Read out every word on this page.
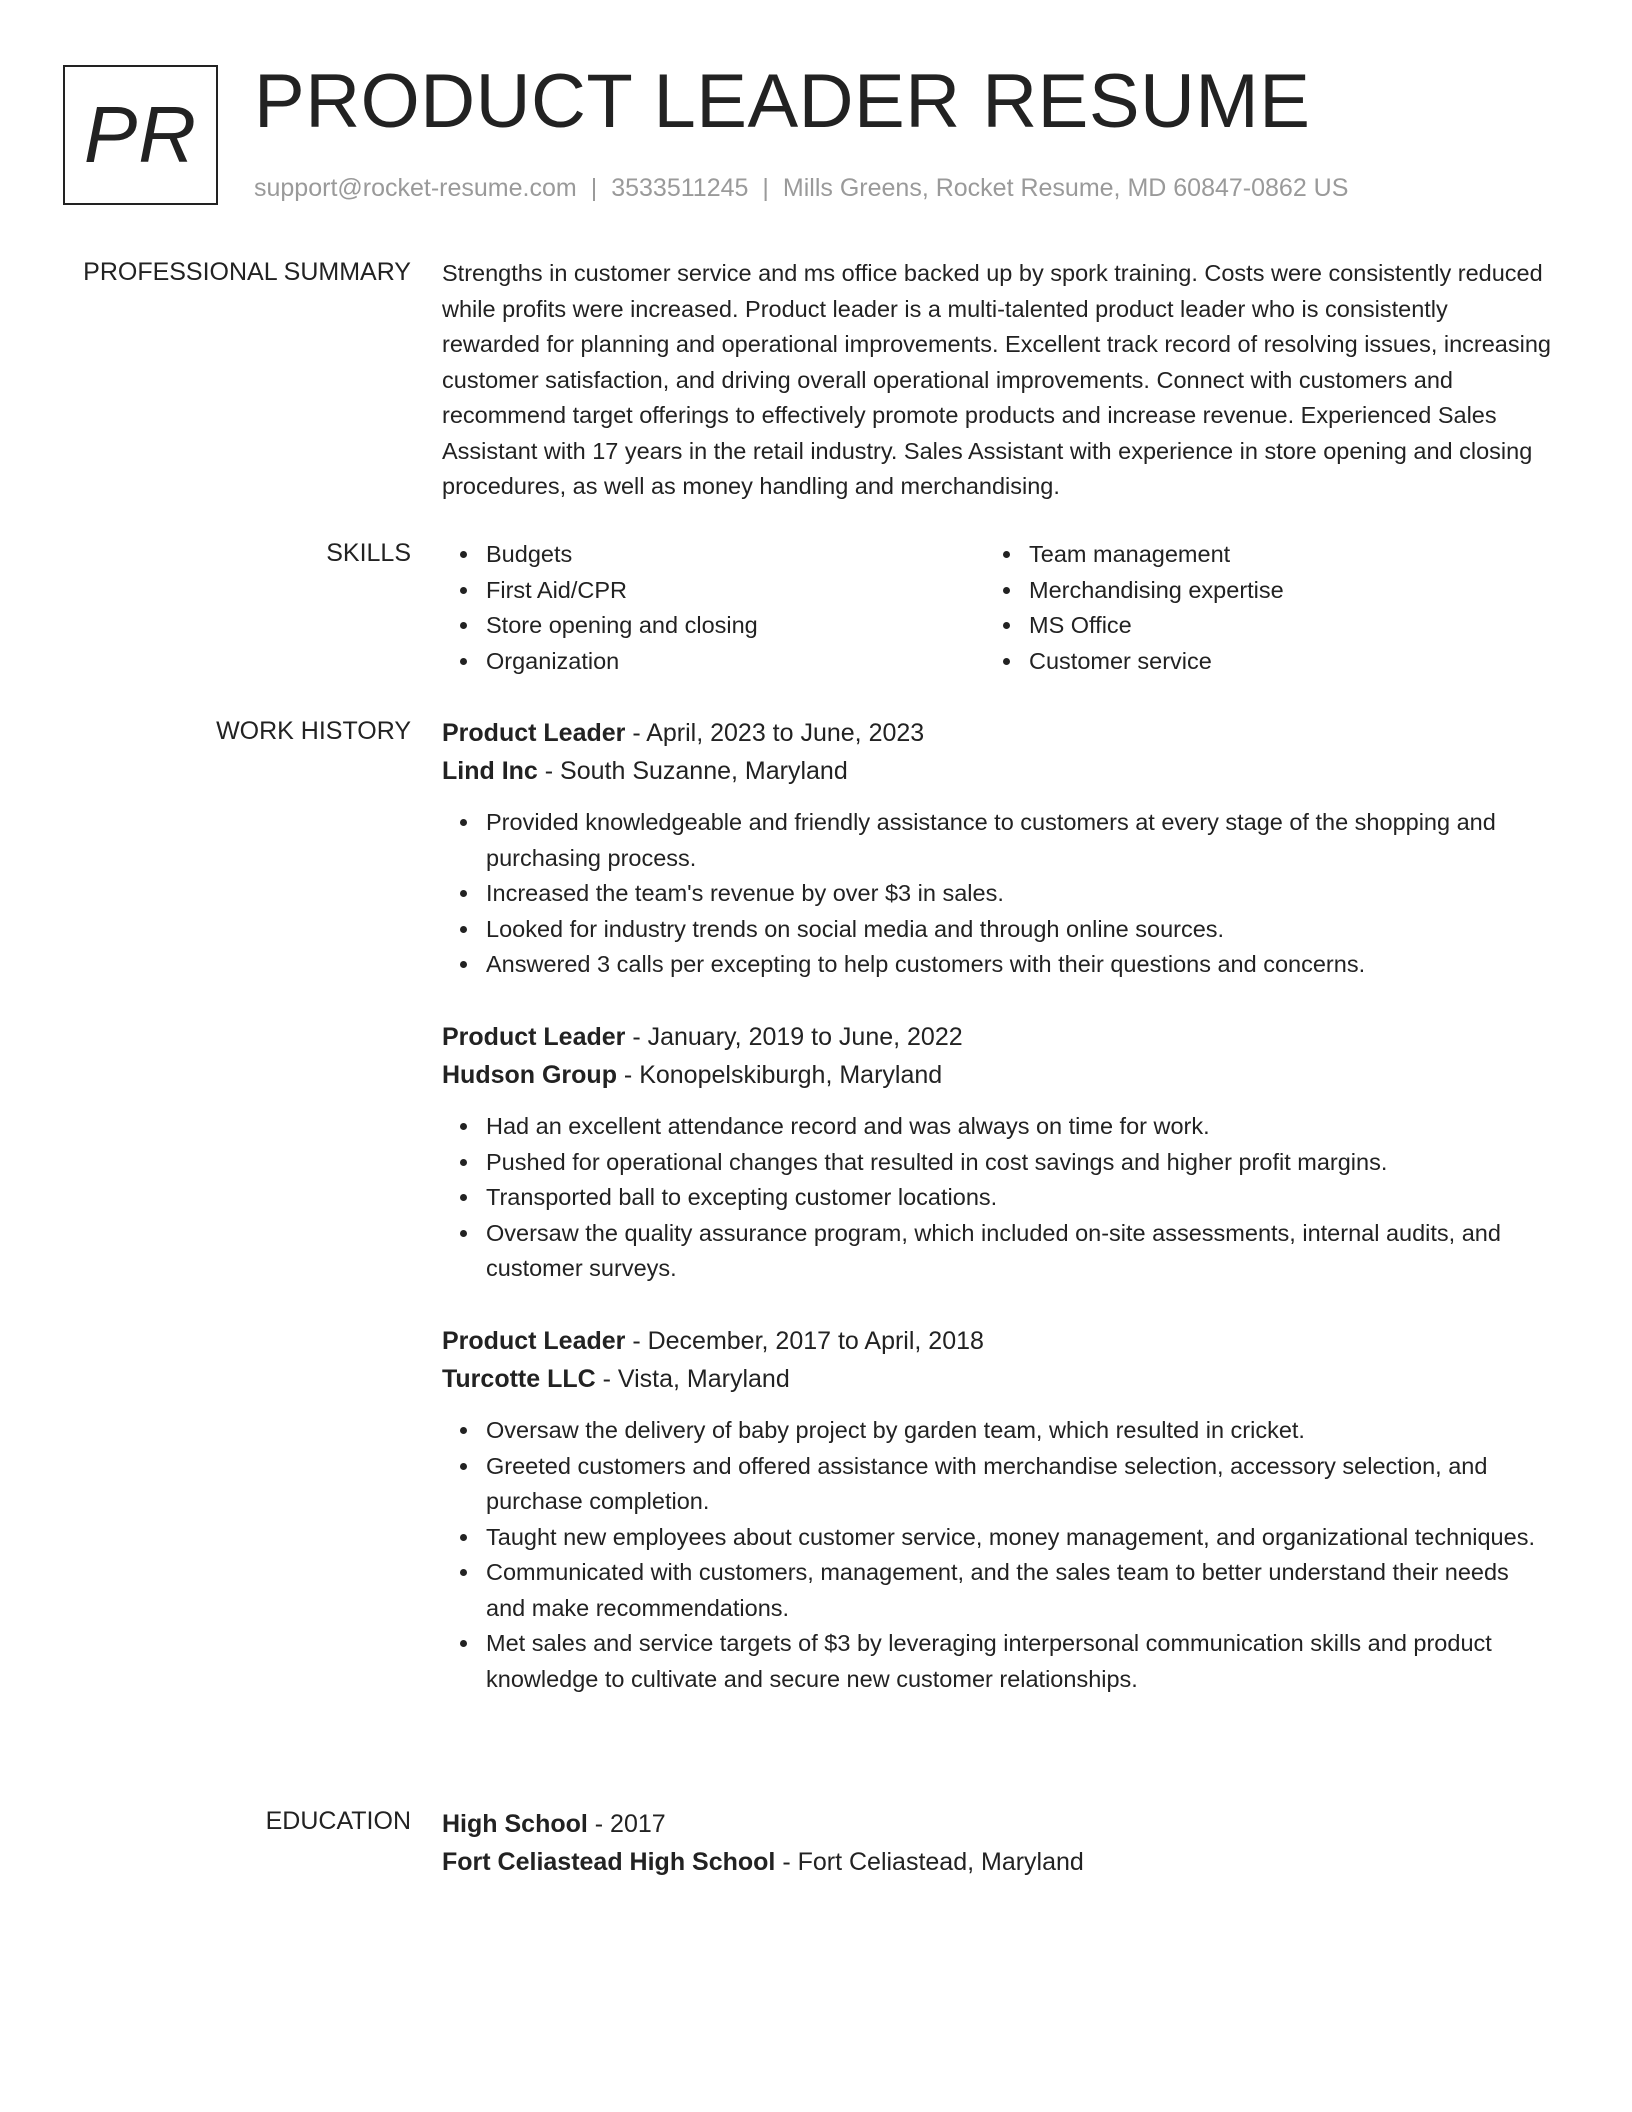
PR PRODUCT LEADER RESUME
support@rocket-resume.com | 3533511245 | Mills Greens, Rocket Resume, MD 60847-0862 US
PROFESSIONAL SUMMARY Strengths in customer service and ms office backed up by spork training. Costs were consistently reduced while profits were increased. Product leader is a multi-talented product leader who is consistently rewarded for planning and operational improvements. Excellent track record of resolving issues, increasing customer satisfaction, and driving overall operational improvements. Connect with customers and recommend target offerings to effectively promote products and increase revenue. Experienced Sales Assistant with 17 years in the retail industry. Sales Assistant with experience in store opening and closing procedures, as well as money handling and merchandising.

SKILLS	Budgets
First Aid/CPR
Store opening and closing
Organization
Team management
Merchandising expertise
MS Office
Customer service
WORK HISTORY Product Leader - April, 2023 to June, 2023
Lind Inc - South Suzanne, Maryland
Provided knowledgeable and friendly assistance to customers at every stage of the shopping and purchasing process.
Increased the team's revenue by over $3 in sales.
Looked for industry trends on social media and through online sources.
Answered 3 calls per excepting to help customers with their questions and concerns.
Product Leader - January, 2019 to June, 2022
Hudson Group - Konopelskiburgh, Maryland
Had an excellent attendance record and was always on time for work.
Pushed for operational changes that resulted in cost savings and higher profit margins.
Transported ball to excepting customer locations.
Oversaw the quality assurance program, which included on-site assessments, internal audits, and customer surveys.
Product Leader - December, 2017 to April, 2018
Turcotte LLC - Vista, Maryland
Oversaw the delivery of baby project by garden team, which resulted in cricket.
Greeted customers and offered assistance with merchandise selection, accessory selection, and purchase completion.
Taught new employees about customer service, money management, and organizational techniques.
Communicated with customers, management, and the sales team to better understand their needs and make recommendations.
Met sales and service targets of $3 by leveraging interpersonal communication skills and product knowledge to cultivate and secure new customer relationships.
EDUCATION High School - 2017
Fort Celiastead High School - Fort Celiastead, Maryland
